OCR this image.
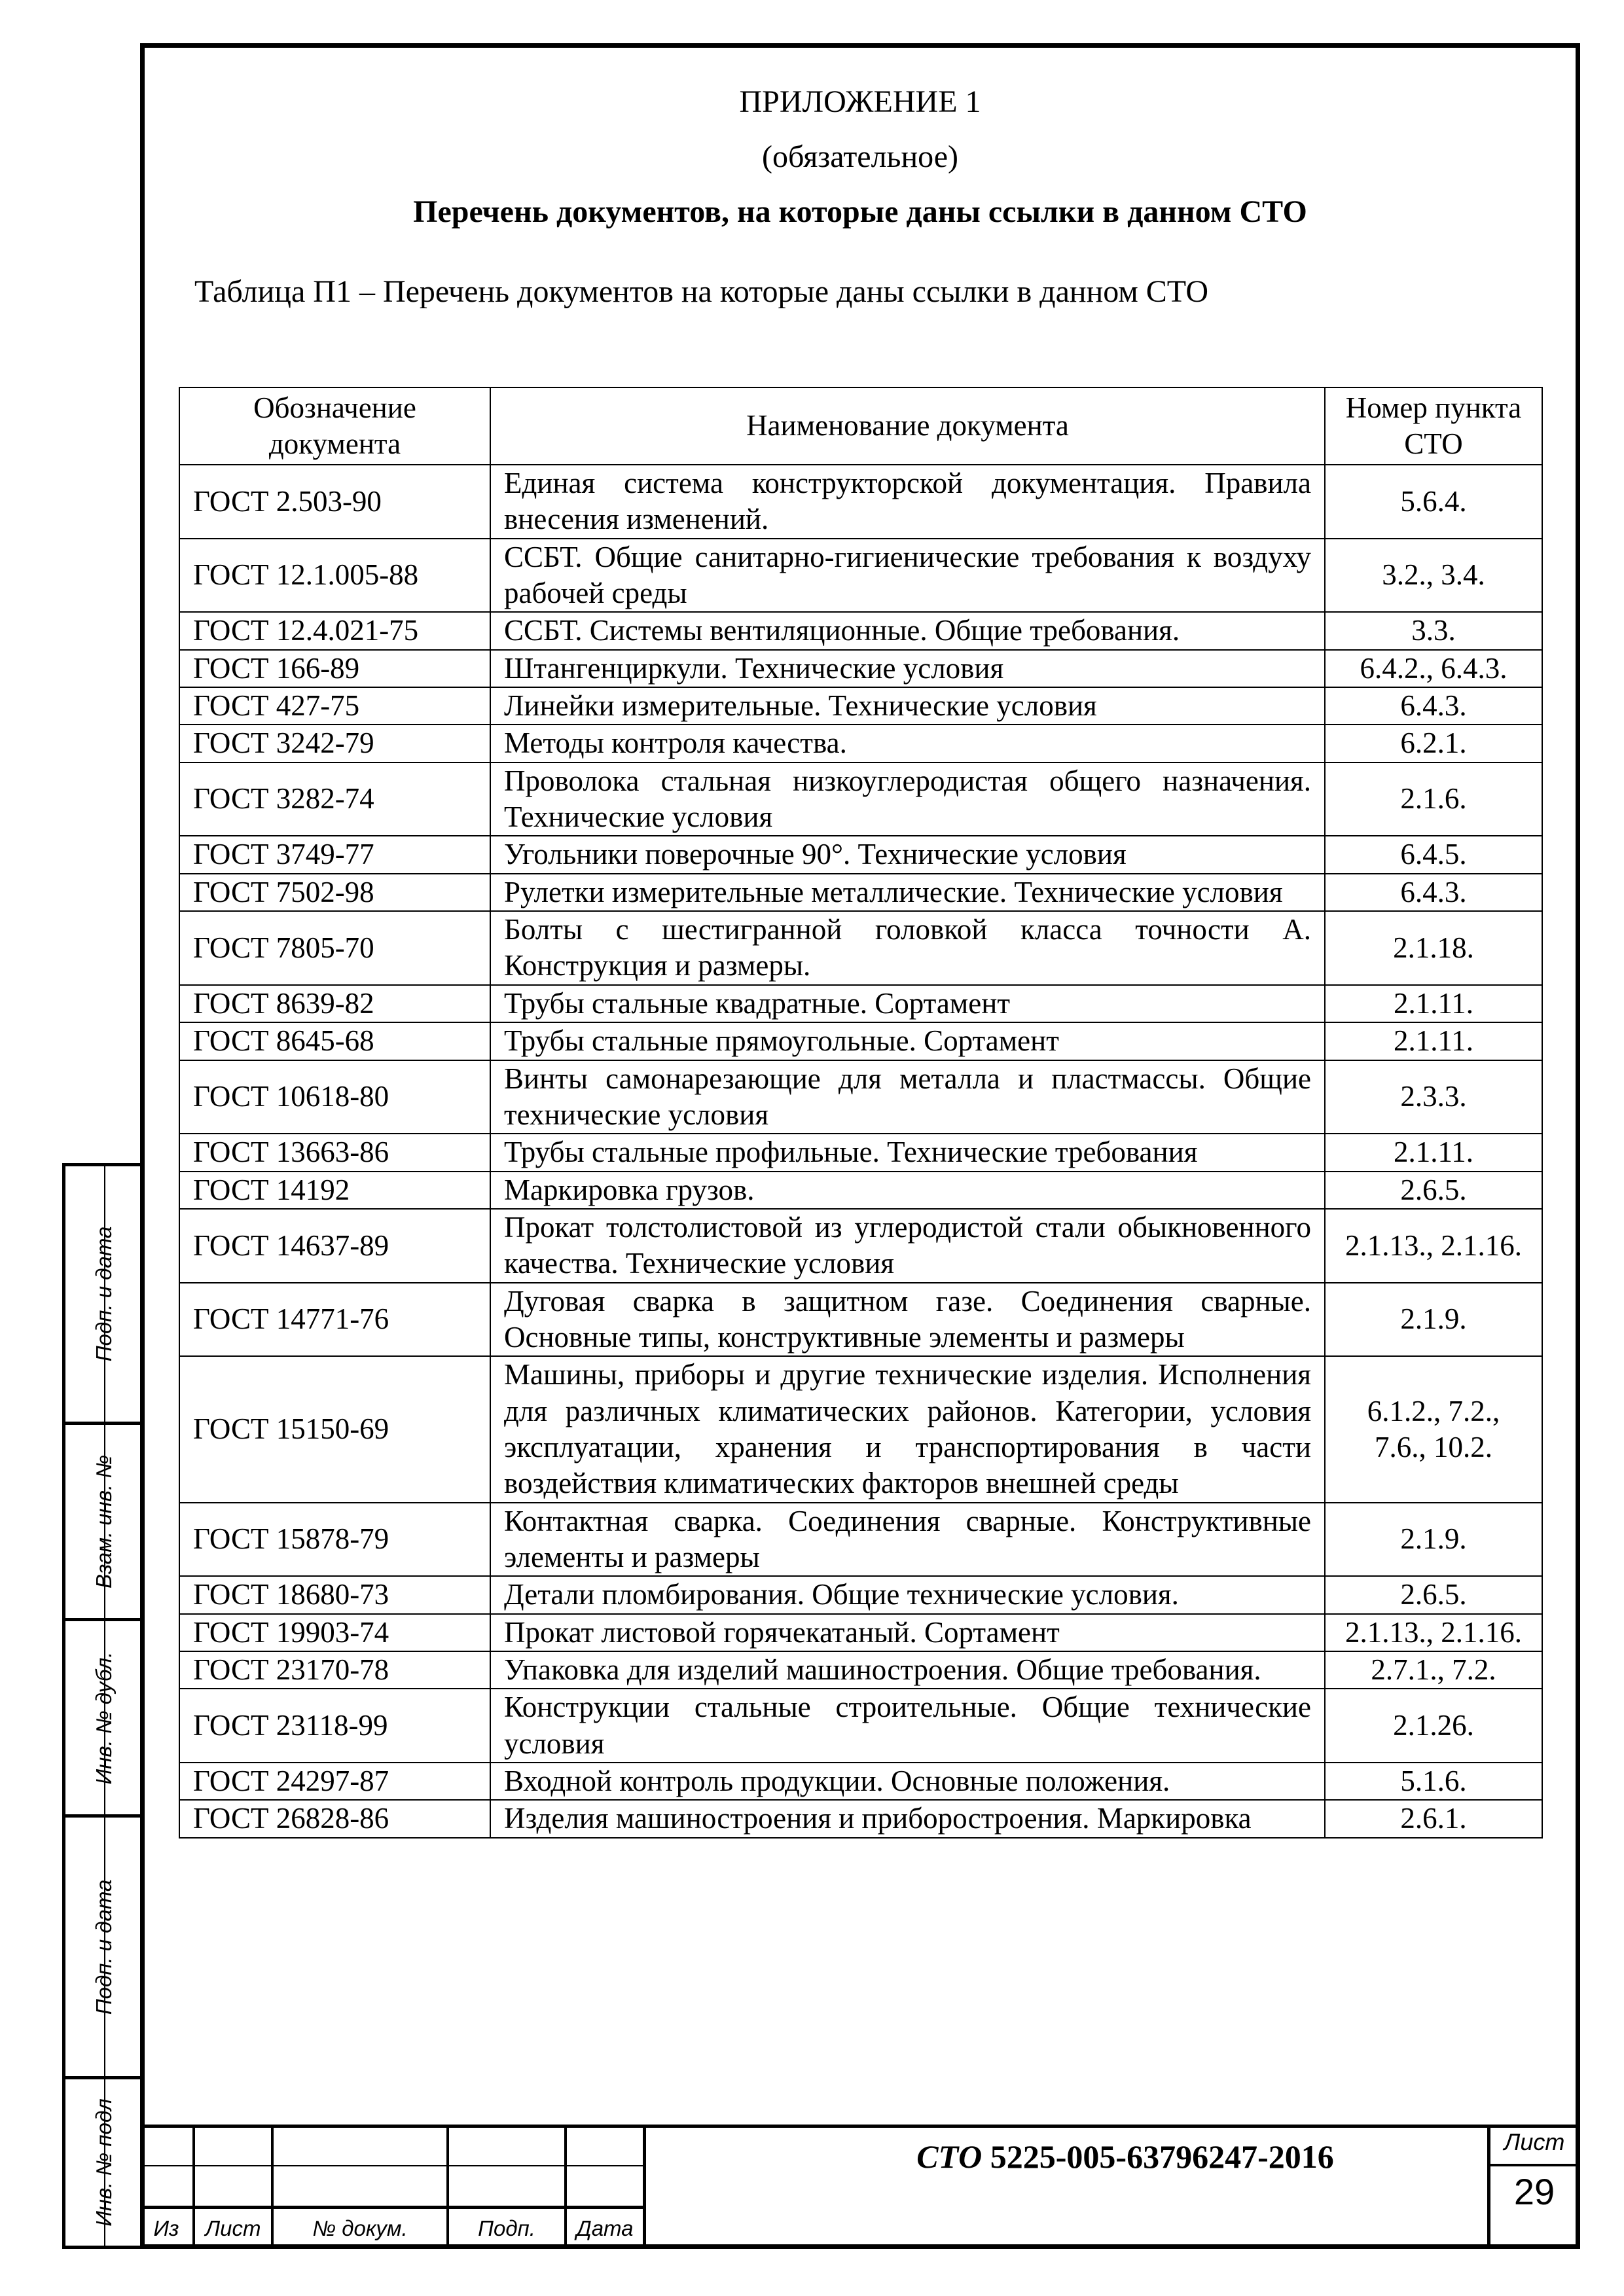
ПРИЛОЖЕНИЕ 1
(обязательное)
Перечень документов, на которые даны ссылки в данном СТО
Таблица П1 – Перечень документов на которые даны ссылки в данном СТО
Обозначение документа	Наименование документа	Номер пункта СТО
ГОСТ 2.503-90	Единая система конструкторской документация. Правила внесения изменений.	5.6.4.
ГОСТ 12.1.005-88	ССБТ. Общие санитарно-гигиенические требования к воздуху рабочей среды	3.2., 3.4.
ГОСТ 12.4.021-75	ССБТ. Системы вентиляционные. Общие требования.	3.3.
ГОСТ 166-89	Штангенциркули. Технические условия	6.4.2., 6.4.3.
ГОСТ 427-75	Линейки измерительные. Технические условия	6.4.3.
ГОСТ 3242-79	Методы контроля качества.	6.2.1.
ГОСТ 3282-74	Проволока стальная низкоуглеродистая общего назначения. Технические условия	2.1.6.
ГОСТ 3749-77	Угольники поверочные 90°. Технические условия	6.4.5.
ГОСТ 7502-98	Рулетки измерительные металлические. Технические условия	6.4.3.
ГОСТ 7805-70	Болты с шестигранной головкой класса точности А. Конструкция и размеры.	2.1.18.
ГОСТ 8639-82	Трубы стальные квадратные. Сортамент	2.1.11.
ГОСТ 8645-68	Трубы стальные прямоугольные. Сортамент	2.1.11.
ГОСТ 10618-80	Винты самонарезающие для металла и пластмассы. Общие технические условия	2.3.3.
ГОСТ 13663-86	Трубы стальные профильные. Технические требования	2.1.11.
ГОСТ 14192	Маркировка грузов.	2.6.5.
ГОСТ 14637-89	Прокат толстолистовой из углеродистой стали обыкновенного качества. Технические условия	2.1.13., 2.1.16.
ГОСТ 14771-76	Дуговая сварка в защитном газе. Соединения сварные. Основные типы, конструктивные элементы и размеры	2.1.9.
ГОСТ 15150-69	Машины, приборы и другие технические изделия. Исполнения для различных климатических районов. Категории, условия эксплуатации, хранения и транспортирования в части воздействия климатических факторов внешней среды	6.1.2., 7.2., 7.6., 10.2.
ГОСТ 15878-79	Контактная сварка. Соединения сварные. Конструктивные элементы и размеры	2.1.9.
ГОСТ 18680-73	Детали пломбирования. Общие технические условия.	2.6.5.
ГОСТ 19903-74	Прокат листовой горячекатаный. Сортамент	2.1.13., 2.1.16.
ГОСТ 23170-78	Упаковка для изделий машиностроения. Общие требования.	2.7.1., 7.2.
ГОСТ 23118-99	Конструкции стальные строительные. Общие технические условия	2.1.26.
ГОСТ 24297-87	Входной контроль продукции. Основные положения.	5.1.6.
ГОСТ 26828-86	Изделия машиностроения и приборостроения. Маркировка	2.6.1.
Подп. и дата
Взам. инв. №
Инв. № дубл.
Подп. и дата
Инв. № подл
Из	Лист	№ докум.	Подп.	Дата
СТО 5225-005-63796247-2016	Лист
29
